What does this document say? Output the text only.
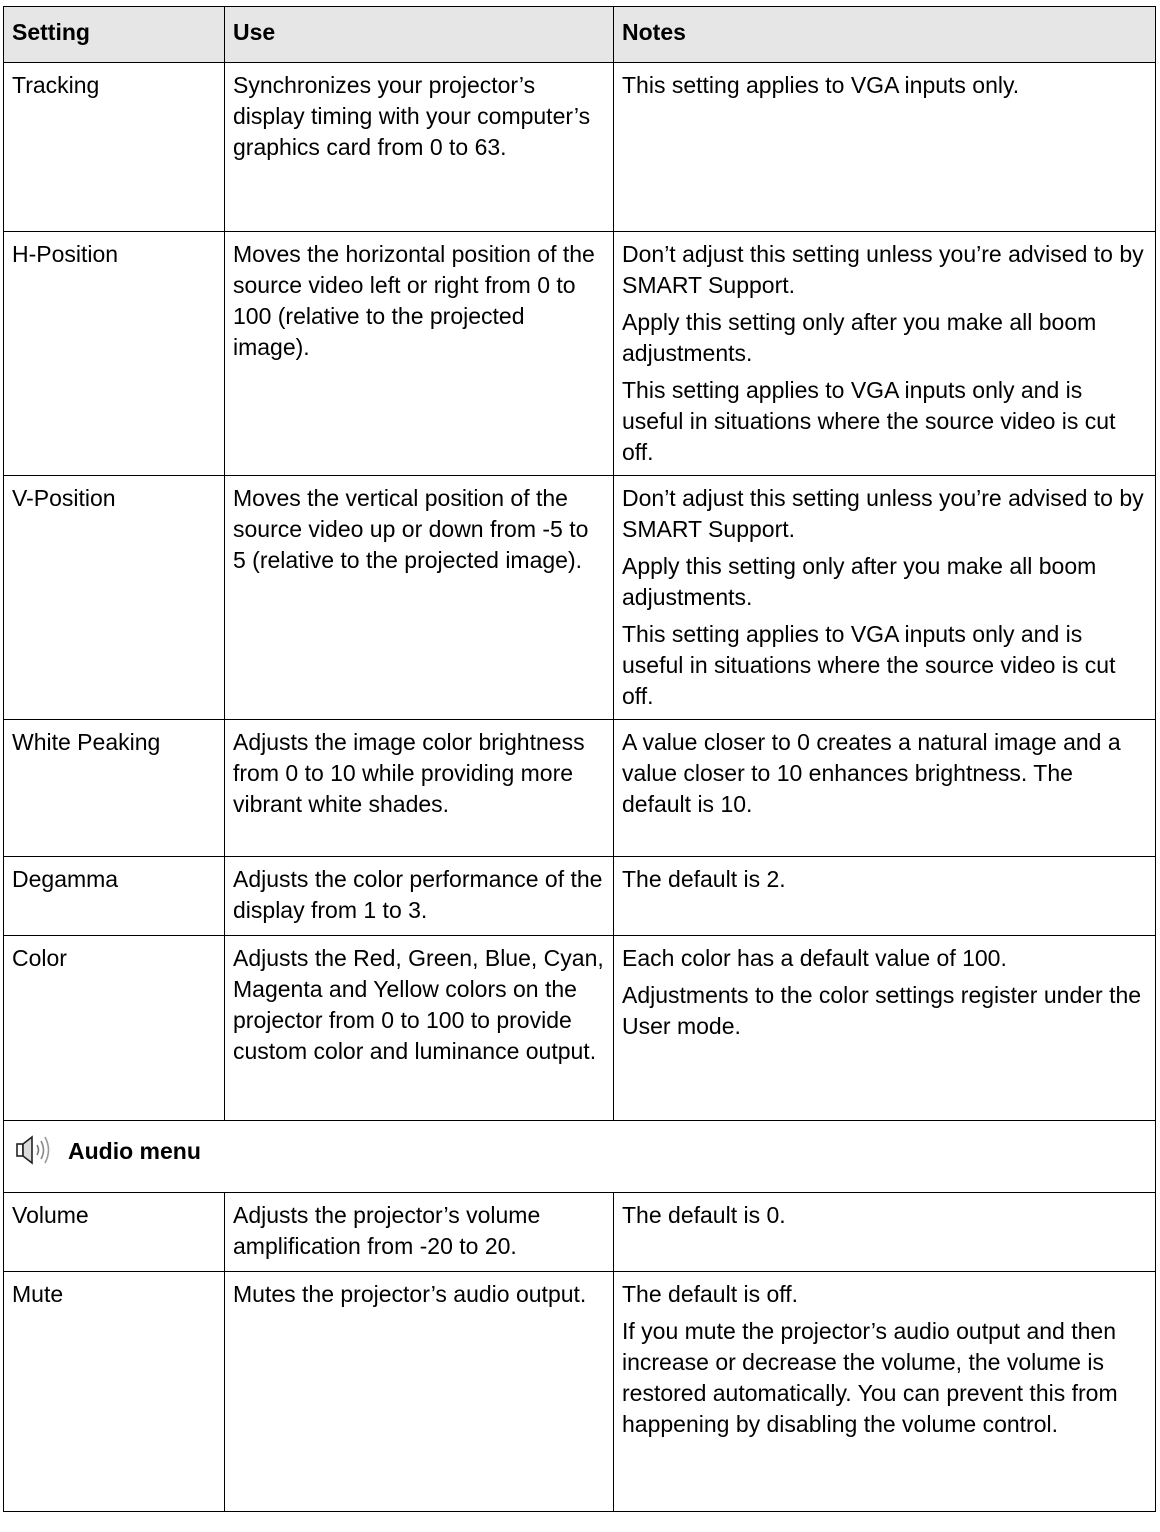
Setting	Use	Notes
Tracking	Synchronizes your projector’s display timing with your computer’s graphics card from 0 to 63.	This setting applies to VGA inputs only.

H-Position	Moves the horizontal position of the source video left or right from 0 to 100 (relative to the projected image).	Don’t adjust this setting unless you’re advised to by SMART Support.

Apply this setting only after you make all boom adjustments.

This setting applies to VGA inputs only and is useful in situations where the source video is cut off.

V-Position	Moves the vertical position of the source video up or down from -5 to 5 (relative to the projected image).	Don’t adjust this setting unless you’re advised to by SMART Support.

Apply this setting only after you make all boom adjustments.

This setting applies to VGA inputs only and is useful in situations where the source video is cut off.

White Peaking	Adjusts the image color brightness from 0 to 10 while providing more vibrant white shades.	A value closer to 0 creates a natural image and a value closer to 10 enhances brightness. The default is 10.

Degamma	Adjusts the color performance of the display from 1 to 3.	The default is 2.

Color	Adjusts the Red, Green, Blue, Cyan, Magenta and Yellow colors on the projector from 0 to 100 to provide custom color and luminance output.	Each color has a default value of 100.

Adjustments to the color settings register under the User mode.

Audio menu		

Volume	Adjusts the projector’s volume amplification from -20 to 20.	The default is 0.

Mute	Mutes the projector’s audio output.	The default is off.

If you mute the projector’s audio output and then increase or decrease the volume, the volume is restored automatically. You can prevent this from happening by disabling the volume control.
